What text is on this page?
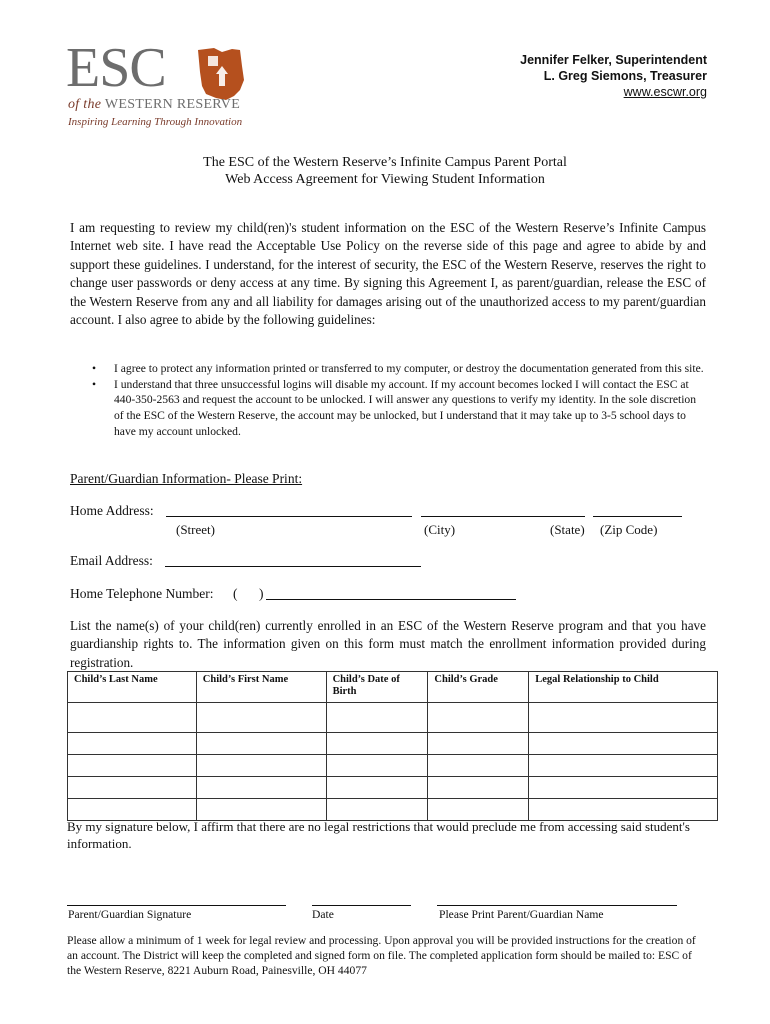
ESC
of the WESTERN RESERVE
Inspiring Learning Through Innovation
Jennifer Felker, Superintendent
L. Greg Siemons, Treasurer
www.escwr.org
The ESC of the Western Reserve’s Infinite Campus Parent Portal
Web Access Agreement for Viewing Student Information
I am requesting to review my child(ren)'s student information on the ESC of the Western Reserve’s Infinite Campus Internet web site. I have read the Acceptable Use Policy on the reverse side of this page and agree to abide by and support these guidelines. I understand, for the interest of security, the ESC of the Western Reserve, reserves the right to change user passwords or deny access at any time. By signing this Agreement I, as parent/guardian, release the ESC of the Western Reserve from any and all liability for damages arising out of the unauthorized access to my parent/guardian account. I also agree to abide by the following guidelines:
• I agree to protect any information printed or transferred to my computer, or destroy the documentation generated from this site.
• I understand that three unsuccessful logins will disable my account. If my account becomes locked I will contact the ESC at 440-350-2563 and request the account to be unlocked. I will answer any questions to verify my identity. In the sole discretion of the ESC of the Western Reserve, the account may be unlocked, but I understand that it may take up to 3-5 school days to have my account unlocked.
Parent/Guardian Information- Please Print:
Home Address:
(Street)	(City)	(State) (Zip Code)
Email Address:
Home Telephone Number: ( )
List the name(s) of your child(ren) currently enrolled in an ESC of the Western Reserve program and that you have guardianship rights to. The information given on this form must match the enrollment information provided during registration.
Child’s Last Name	Child’s First Name	Child’s Date of Birth	Child’s Grade	Legal Relationship to Child

By my signature below, I affirm that there are no legal restrictions that would preclude me from accessing said student's information.
Parent/Guardian Signature	Date	Please Print Parent/Guardian Name
Please allow a minimum of 1 week for legal review and processing. Upon approval you will be provided instructions for the creation of an account. The District will keep the completed and signed form on file. The completed application form should be mailed to: ESC of the Western Reserve, 8221 Auburn Road, Painesville, OH 44077
